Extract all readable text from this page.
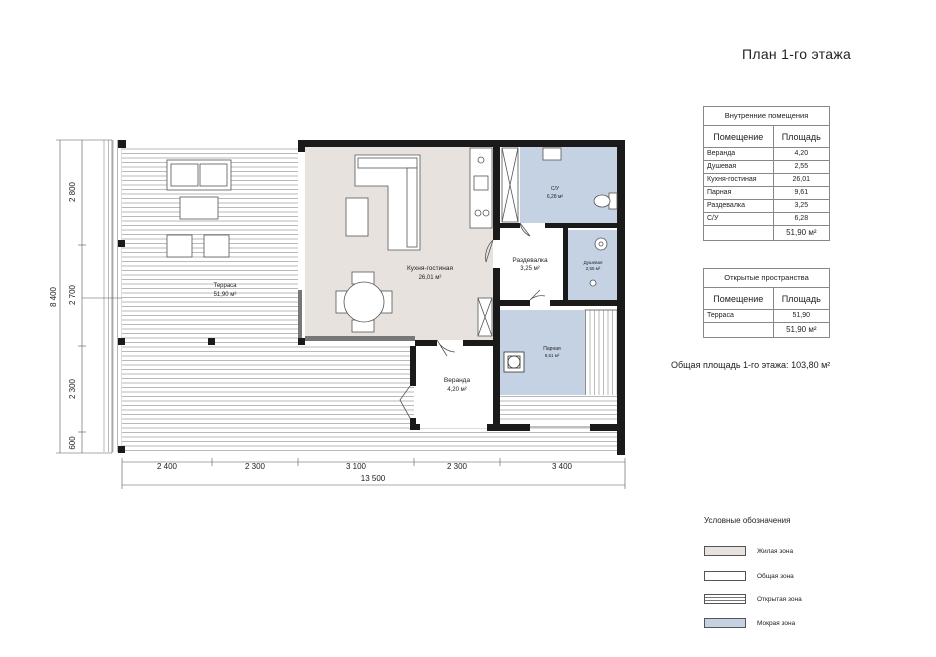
Терраса
51,90 м²
Кухня-гостиная
26,01 м²
С/У
6,28 м²
Раздевалка
3,25 м²
Душевая
2,55 м²
Парная
9,61 м²
Веранда
4,20 м²
2 400	2 300	3 100	2 300	3 400
13 500
2 800
2 700
2 300
600
8 400
План 1-го этажа
Внутренние помещения	
Помещение	Площадь
Веранда	4,20
Душевая	2,55
Кухня-гостиная	26,01
Парная	9,61
Раздевалка	3,25
С/У	6,28
	51,90 м²
Открытые пространства	
Помещение	Площадь
Терраса	51,90
	51,90 м²
Общая площадь 1-го этажа: 103,80 м²
Условные обозначения
Жилая зона
Общая зона
Открытая зона
Мокрая зона
